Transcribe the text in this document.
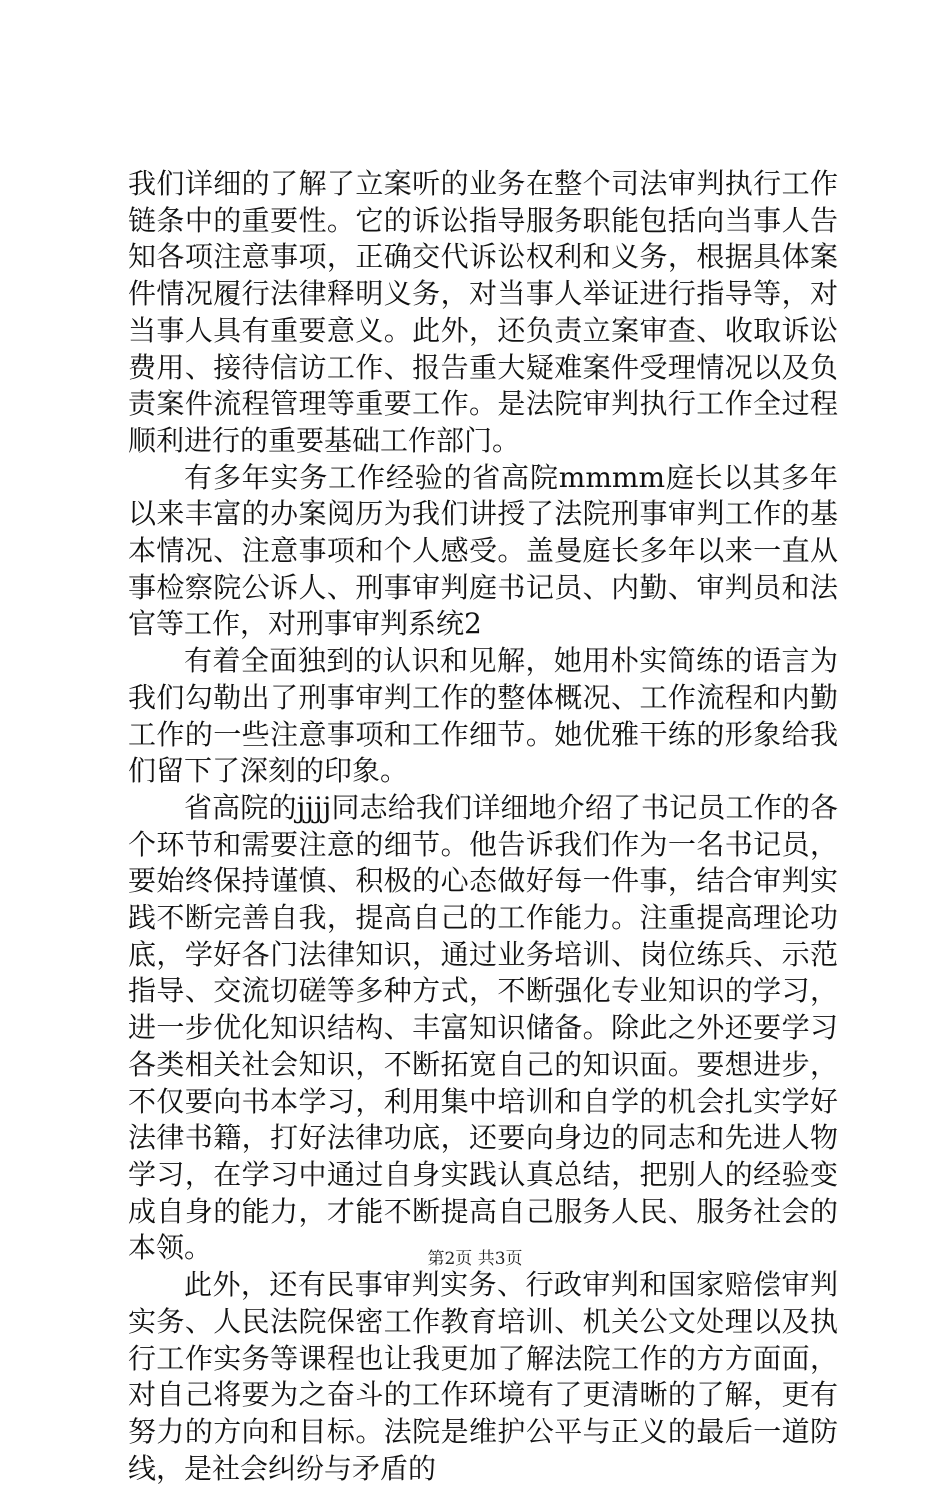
我们详细的了解了立案听的业务在整个司法审判执行工作链条中的重要性。它的诉讼指导服务职能包括向当事人告知各项注意事项，正确交代诉讼权利和义务，根据具体案件情况履行法律释明义务，对当事人举证进行指导等，对当事人具有重要意义。此外，还负责立案审查、收取诉讼费用、接待信访工作、报告重大疑难案件受理情况以及负责案件流程管理等重要工作。是法院审判执行工作全过程顺利进行的重要基础工作部门。

有多年实务工作经验的省高院mmmm庭长以其多年以来丰富的办案阅历为我们讲授了法院刑事审判工作的基本情况、注意事项和个人感受。盖曼庭长多年以来一直从事检察院公诉人、刑事审判庭书记员、内勤、审判员和法官等工作，对刑事审判系统2

有着全面独到的认识和见解，她用朴实简练的语言为我们勾勒出了刑事审判工作的整体概况、工作流程和内勤工作的一些注意事项和工作细节。她优雅干练的形象给我们留下了深刻的印象。

省高院的jjjj同志给我们详细地介绍了书记员工作的各个环节和需要注意的细节。他告诉我们作为一名书记员，要始终保持谨慎、积极的心态做好每一件事，结合审判实践不断完善自我，提高自己的工作能力。注重提高理论功底，学好各门法律知识，通过业务培训、岗位练兵、示范指导、交流切磋等多种方式，不断强化专业知识的学习，进一步优化知识结构、丰富知识储备。除此之外还要学习各类相关社会知识，不断拓宽自己的知识面。要想进步，不仅要向书本学习，利用集中培训和自学的机会扎实学好法律书籍，打好法律功底，还要向身边的同志和先进人物学习，在学习中通过自身实践认真总结，把别人的经验变成自身的能力，才能不断提高自己服务人民、服务社会的本领。

此外，还有民事审判实务、行政审判和国家赔偿审判实务、人民法院保密工作教育培训、机关公文处理以及执行工作实务等课程也让我更加了解法院工作的方方面面，对自己将要为之奋斗的工作环境有了更清晰的了解，更有努力的方向和目标。法院是维护公平与正义的最后一道防线，是社会纠纷与矛盾的

第2页 共3页
